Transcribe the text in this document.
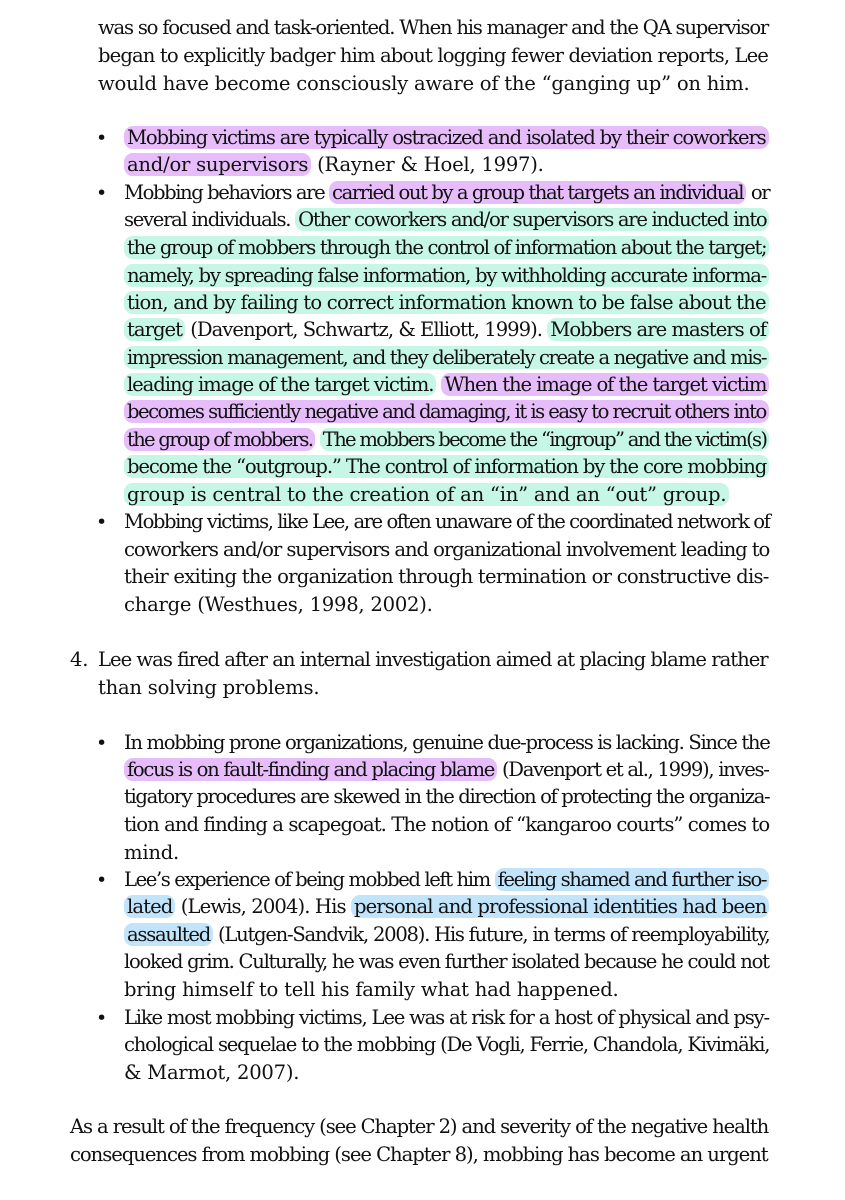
was so focused and task-oriented. When his manager and the QA supervisor
began to explicitly badger him about logging fewer deviation reports, Lee
would have become consciously aware of the “ganging up” on him.
Mobbing victims are typically ostracized and isolated by their coworkers
and/or supervisors (Rayner & Hoel, 1997).
Mobbing behaviors are carried out by a group that targets an individual or
several individuals. Other coworkers and/or supervisors are inducted into
the group of mobbers through the control of information about the target;
namely, by spreading false information, by withholding accurate informa-
tion, and by failing to correct information known to be false about the
target (Davenport, Schwartz, & Elliott, 1999). Mobbers are masters of
impression management, and they deliberately create a negative and mis-
leading image of the target victim. When the image of the target victim
becomes sufficiently negative and damaging, it is easy to recruit others into
the group of mobbers. The mobbers become the “ingroup” and the victim(s)
become the “outgroup.” The control of information by the core mobbing
group is central to the creation of an “in” and an “out” group.
Mobbing victims, like Lee, are often unaware of the coordinated network of
coworkers and/or supervisors and organizational involvement leading to
their exiting the organization through termination or constructive dis-
charge (Westhues, 1998, 2002).
Lee was fired after an internal investigation aimed at placing blame rather
than solving problems.
In mobbing prone organizations, genuine due-process is lacking. Since the
focus is on fault-finding and placing blame (Davenport et al., 1999), inves-
tigatory procedures are skewed in the direction of protecting the organiza-
tion and finding a scapegoat. The notion of “kangaroo courts” comes to
mind.
Lee’s experience of being mobbed left him feeling shamed and further iso-
lated (Lewis, 2004). His personal and professional identities had been
assaulted (Lutgen-Sandvik, 2008). His future, in terms of reemployability,
looked grim. Culturally, he was even further isolated because he could not
bring himself to tell his family what had happened.
Like most mobbing victims, Lee was at risk for a host of physical and psy-
chological sequelae to the mobbing (De Vogli, Ferrie, Chandola, Kivimäki,
& Marmot, 2007).
As a result of the frequency (see Chapter 2) and severity of the negative health
consequences from mobbing (see Chapter 8), mobbing has become an urgent
•
•
•
•
•
•
4.
